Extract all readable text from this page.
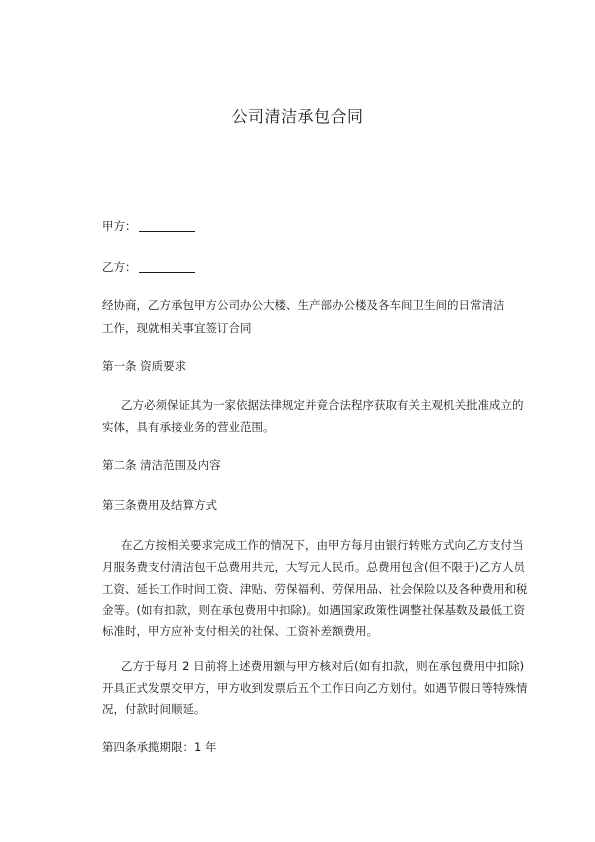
公司清洁承包合同
甲方：
乙方：
经协商，乙方承包甲方公司办公大楼、生产部办公楼及各车间卫生间的日常清洁
工作，现就相关事宜签订合同
第一条 资质要求
乙方必须保证其为一家依据法律规定并竟合法程序获取有关主观机关批准成立的
实体，具有承接业务的营业范围。
第二条 清洁范围及内容
第三条费用及结算方式
在乙方按相关要求完成工作的情况下，由甲方每月由银行转账方式向乙方支付当
月服务费支付清洁包干总费用共元，大写元人民币。总费用包含(但不限于)乙方人员
工资、延长工作时间工资、津贴、劳保福利、劳保用品、社会保险以及各种费用和税
金等。(如有扣款，则在承包费用中扣除)。如遇国家政策性调整社保基数及最低工资
标准时，甲方应补支付相关的社保、工资补差额费用。
乙方于每月 2 日前将上述费用额与甲方核对后(如有扣款，则在承包费用中扣除)
开具正式发票交甲方，甲方收到发票后五个工作日向乙方划付。如遇节假日等特殊情
况，付款时间顺延。
第四条承揽期限：1 年
